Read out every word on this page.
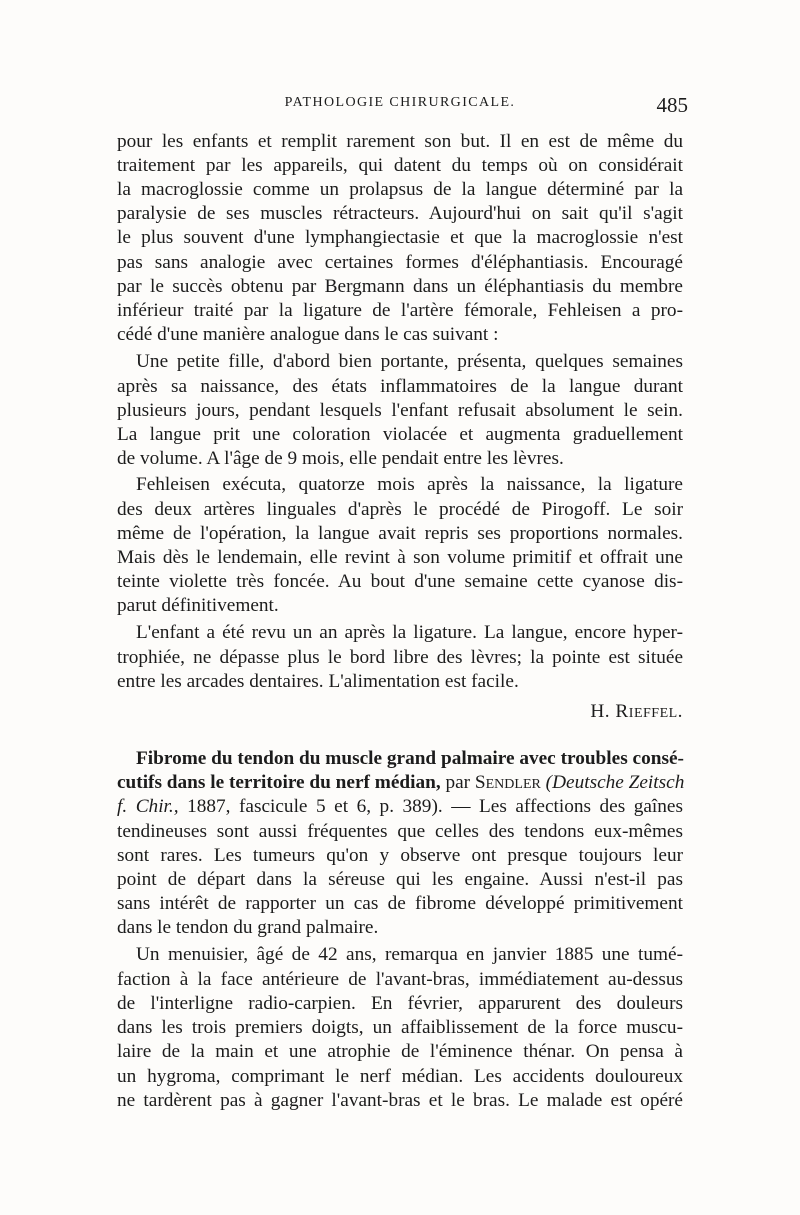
PATHOLOGIE CHIRURGICALE.	485
pour les enfants et remplit rarement son but. Il en est de même du
traitement par les appareils, qui datent du temps où on considérait
la macroglossie comme un prolapsus de la langue déterminé par la
paralysie de ses muscles rétracteurs. Aujourd'hui on sait qu'il s'agit
le plus souvent d'une lymphangiectasie et que la macroglossie n'est
pas sans analogie avec certaines formes d'éléphantiasis. Encouragé
par le succès obtenu par Bergmann dans un éléphantiasis du membre
inférieur traité par la ligature de l'artère fémorale, Fehleisen a pro-
cédé d'une manière analogue dans le cas suivant :
Une petite fille, d'abord bien portante, présenta, quelques semaines
après sa naissance, des états inflammatoires de la langue durant
plusieurs jours, pendant lesquels l'enfant refusait absolument le sein.
La langue prit une coloration violacée et augmenta graduellement
de volume. A l'âge de 9 mois, elle pendait entre les lèvres.
Fehleisen exécuta, quatorze mois après la naissance, la ligature
des deux artères linguales d'après le procédé de Pirogoff. Le soir
même de l'opération, la langue avait repris ses proportions normales.
Mais dès le lendemain, elle revint à son volume primitif et offrait une
teinte violette très foncée. Au bout d'une semaine cette cyanose dis-
parut définitivement.
L'enfant a été revu un an après la ligature. La langue, encore hyper-
trophiée, ne dépasse plus le bord libre des lèvres; la pointe est située
entre les arcades dentaires. L'alimentation est facile.
H. Rieffel.
Fibrome du tendon du muscle grand palmaire avec troubles consé-
cutifs dans le territoire du nerf médian, par Sendler (Deutsche Zeitsch
f. Chir., 1887, fascicule 5 et 6, p. 389). — Les affections des gaînes
tendineuses sont aussi fréquentes que celles des tendons eux-mêmes
sont rares. Les tumeurs qu'on y observe ont presque toujours leur
point de départ dans la séreuse qui les engaine. Aussi n'est-il pas
sans intérêt de rapporter un cas de fibrome développé primitivement
dans le tendon du grand palmaire.
Un menuisier, âgé de 42 ans, remarqua en janvier 1885 une tumé-
faction à la face antérieure de l'avant-bras, immédiatement au-dessus
de l'interligne radio-carpien. En février, apparurent des douleurs
dans les trois premiers doigts, un affaiblissement de la force muscu-
laire de la main et une atrophie de l'éminence thénar. On pensa à
un hygroma, comprimant le nerf médian. Les accidents douloureux
ne tardèrent pas à gagner l'avant-bras et le bras. Le malade est opéré
